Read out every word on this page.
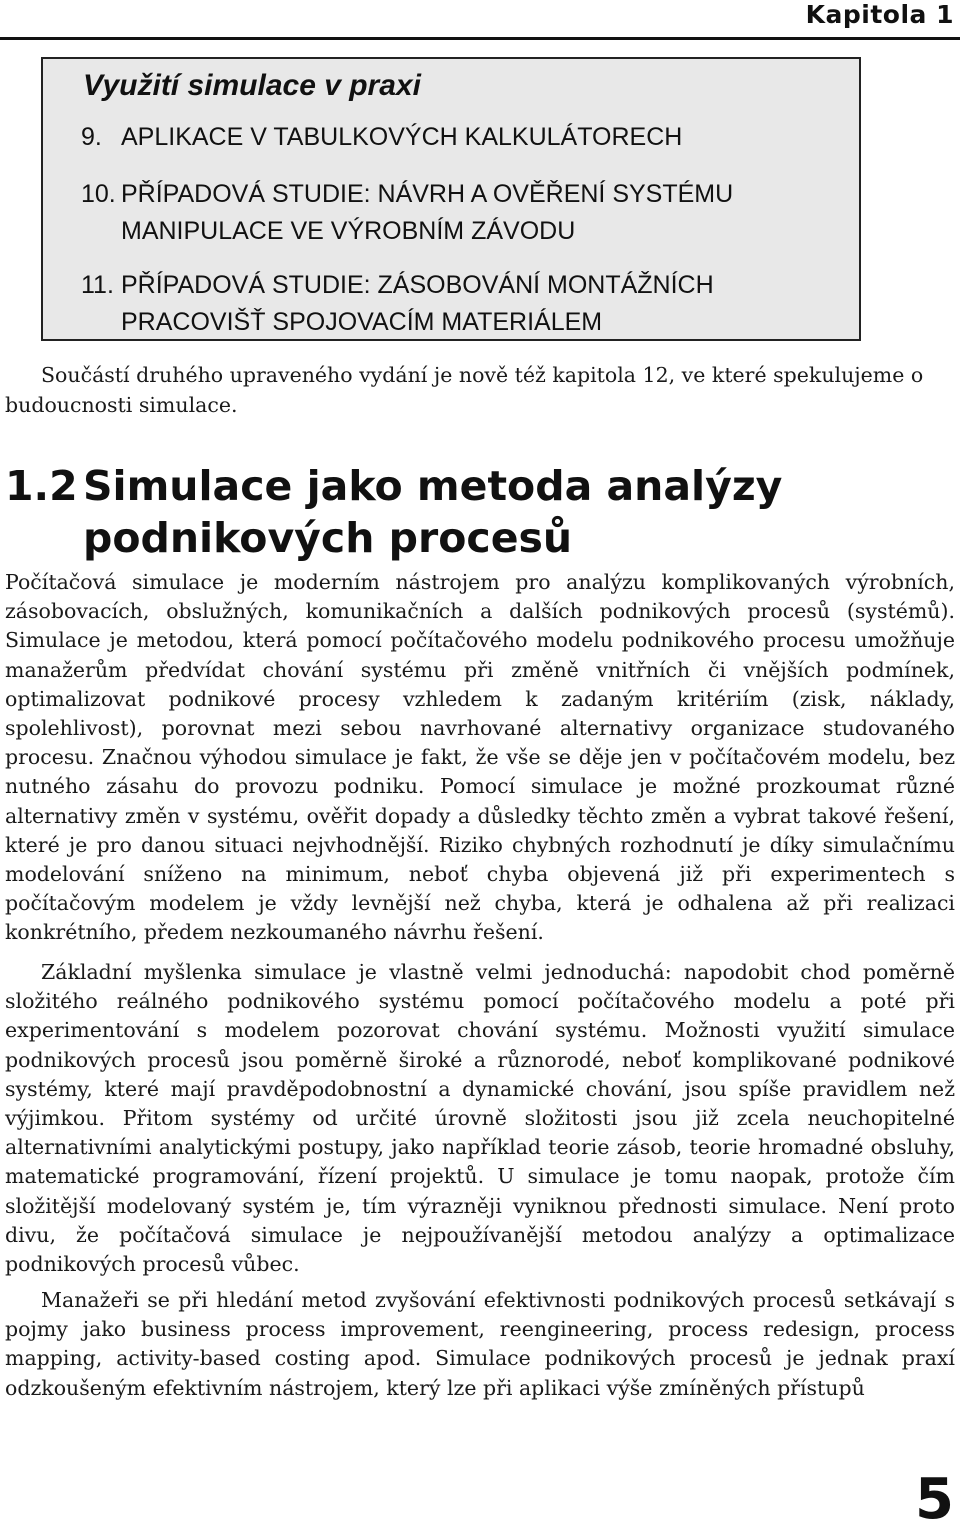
Kapitola 1
Využití simulace v praxi
9. APLIKACE V TABULKOVÝCH KALKULÁTORECH
10. PŘÍPADOVÁ STUDIE: NÁVRH A OVĚŘENÍ SYSTÉMU MANIPULACE VE VÝROBNÍM ZÁVODU
11. PŘÍPADOVÁ STUDIE: ZÁSOBOVÁNÍ MONTÁŽNÍCH PRACOVIŠŤ SPOJOVACÍM MATERIÁLEM

Součástí druhého upraveného vydání je nově též kapitola 12, ve které spekulujeme o budoucnosti simulace.

1.2 Simulace jako metoda analýzy
podnikových procesů

Počítačová simulace je moderním nástrojem pro analýzu komplikovaných výrobních, zásobovacích, obslužných, komunikačních a dalších podnikových procesů (systémů). Simulace je metodou, která pomocí počítačového modelu podnikového procesu umožňuje manažerům předvídat chování systému při změně vnitřních či vnějších podmínek, optimalizovat podnikové procesy vzhledem k zadaným kritériím (zisk, náklady, spolehlivost), porovnat mezi sebou navrhované alternativy organizace studovaného procesu. Značnou výhodou simulace je fakt, že vše se děje jen v počítačovém modelu, bez nutného zásahu do provozu podniku. Pomocí simulace je možné prozkoumat různé alternativy změn v systému, ověřit dopady a důsledky těchto změn a vybrat takové řešení, které je pro danou situaci nejvhodnější. Riziko chybných rozhodnutí je díky simulačnímu modelování sníženo na minimum, neboť chyba objevená již při experimentech s počítačovým modelem je vždy levnější než chyba, která je odhalena až při realizaci konkrétního, předem nezkoumaného návrhu řešení.

Základní myšlenka simulace je vlastně velmi jednoduchá: napodobit chod poměrně složitého reálného podnikového systému pomocí počítačového modelu a poté při experimentování s modelem pozorovat chování systému. Možnosti využití simulace podnikových procesů jsou poměrně široké a různorodé, neboť komplikované podnikové systémy, které mají pravděpodobnostní a dynamické chování, jsou spíše pravidlem než výjimkou. Přitom systémy od určité úrovně složitosti jsou již zcela neuchopitelné alternativními analytickými postupy, jako například teorie zásob, teorie hromadné obsluhy, matematické programování, řízení projektů. U simulace je tomu naopak, protože čím složitější modelovaný systém je, tím výrazněji vyniknou přednosti simulace. Není proto divu, že počítačová simulace je nejpoužívanější metodou analýzy a optimalizace podnikových procesů vůbec.

Manažeři se při hledání metod zvyšování efektivnosti podnikových procesů setkávají s pojmy jako business process improvement, reengineering, process redesign, process mapping, activity-based costing apod. Simulace podnikových procesů je jednak praxí odzkoušeným efektivním nástrojem, který lze při aplikaci výše zmíněných přístupů

5
